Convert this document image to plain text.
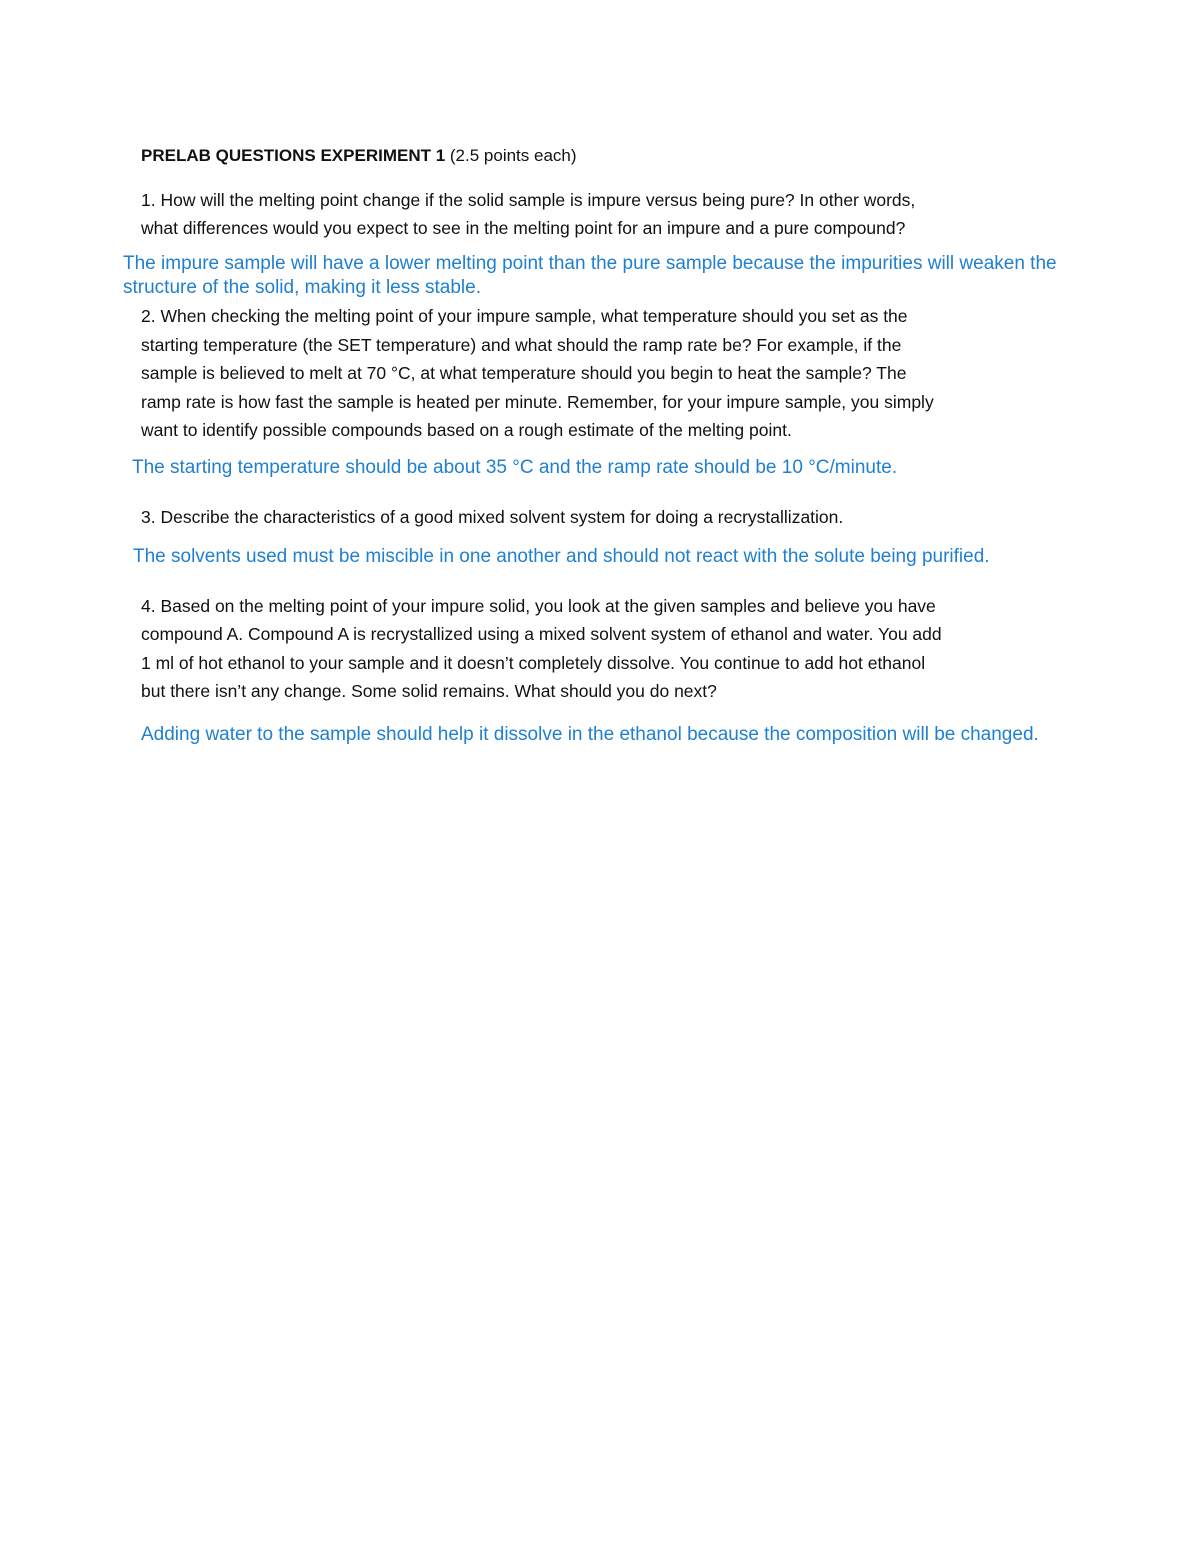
PRELAB QUESTIONS EXPERIMENT 1 (2.5 points each)
1. How will the melting point change if the solid sample is impure versus being pure? In other words,
what differences would you expect to see in the melting point for an impure and a pure compound?
The impure sample will have a lower melting point than the pure sample because the impurities will weaken the
structure of the solid, making it less stable.
2. When checking the melting point of your impure sample, what temperature should you set as the
starting temperature (the SET temperature) and what should the ramp rate be? For example, if the
sample is believed to melt at 70 °C, at what temperature should you begin to heat the sample? The
ramp rate is how fast the sample is heated per minute. Remember, for your impure sample, you simply
want to identify possible compounds based on a rough estimate of the melting point.
The starting temperature should be about 35 °C and the ramp rate should be 10 °C/minute.
3. Describe the characteristics of a good mixed solvent system for doing a recrystallization.
The solvents used must be miscible in one another and should not react with the solute being purified.
4. Based on the melting point of your impure solid, you look at the given samples and believe you have
compound A. Compound A is recrystallized using a mixed solvent system of ethanol and water. You add
1 ml of hot ethanol to your sample and it doesn’t completely dissolve. You continue to add hot ethanol
but there isn’t any change. Some solid remains. What should you do next?
Adding water to the sample should help it dissolve in the ethanol because the composition will be changed.
